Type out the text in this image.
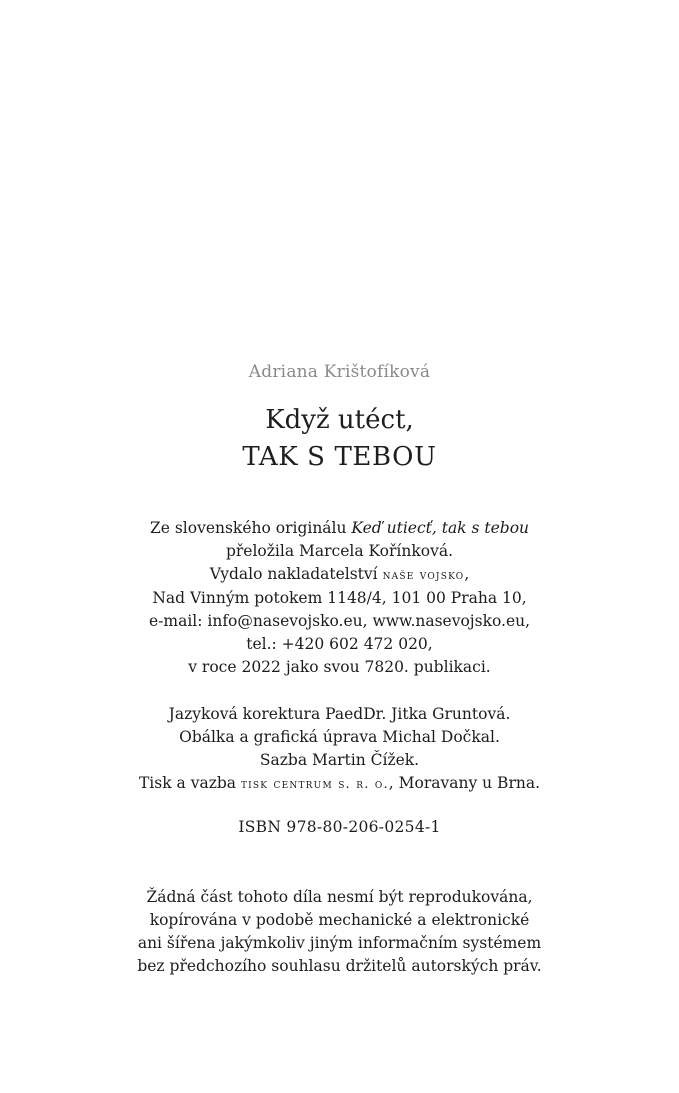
Adriana Krištofíková
Když utéct,
TAK S TEBOU
Ze slovenského originálu Keď utiecť, tak s tebou
přeložila Marcela Kořínková.
Vydalo nakladatelství naše vojsko,
Nad Vinným potokem 1148/4, 101 00 Praha 10,
e-mail: info@nasevojsko.eu, www.nasevojsko.eu,
tel.: +420 602 472 020,
v roce 2022 jako svou 7820. publikaci.
Jazyková korektura PaedDr. Jitka Gruntová.
Obálka a grafická úprava Michal Dočkal.
Sazba Martin Čížek.
Tisk a vazba tisk centrum s. r. o., Moravany u Brna.
ISBN 978-80-206-0254-1
Žádná část tohoto díla nesmí být reprodukována,
kopírována v podobě mechanické a elektronické
ani šířena jakýmkoliv jiným informačním systémem
bez předchozího souhlasu držitelů autorských práv.
